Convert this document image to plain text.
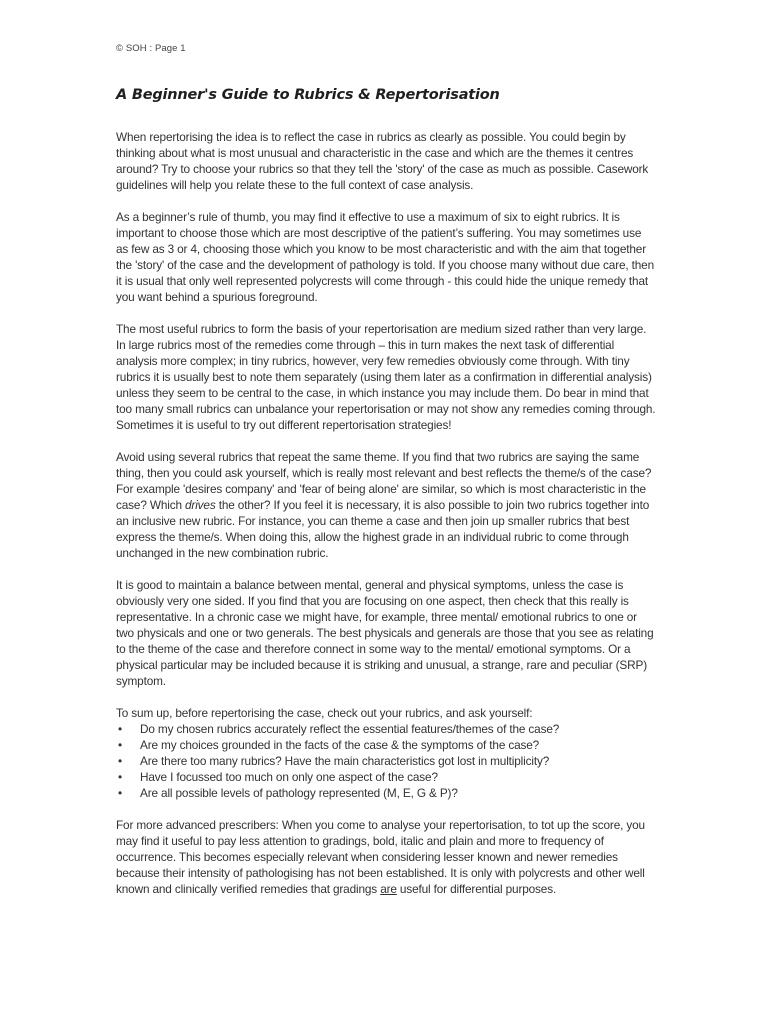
© SOH : Page 1
A Beginner's Guide to Rubrics & Repertorisation

When repertorising the idea is to reflect the case in rubrics as clearly as possible. You could begin by thinking about what is most unusual and characteristic in the case and which are the themes it centres around? Try to choose your rubrics so that they tell the 'story' of the case as much as possible. Casework guidelines will help you relate these to the full context of case analysis.

As a beginner’s rule of thumb, you may find it effective to use a maximum of six to eight rubrics. It is important to choose those which are most descriptive of the patient’s suffering. You may sometimes use as few as 3 or 4, choosing those which you know to be most characteristic and with the aim that together the 'story' of the case and the development of pathology is told. If you choose many without due care, then it is usual that only well represented polycrests will come through - this could hide the unique remedy that you want behind a spurious foreground.

The most useful rubrics to form the basis of your repertorisation are medium sized rather than very large. In large rubrics most of the remedies come through – this in turn makes the next task of differential analysis more complex; in tiny rubrics, however, very few remedies obviously come through. With tiny rubrics it is usually best to note them separately (using them later as a confirmation in differential analysis) unless they seem to be central to the case, in which instance you may include them. Do bear in mind that too many small rubrics can unbalance your repertorisation or may not show any remedies coming through. Sometimes it is useful to try out different repertorisation strategies!

Avoid using several rubrics that repeat the same theme. If you find that two rubrics are saying the same thing, then you could ask yourself, which is really most relevant and best reflects the theme/s of the case? For example 'desires company' and 'fear of being alone' are similar, so which is most characteristic in the case? Which drives the other? If you feel it is necessary, it is also possible to join two rubrics together into an inclusive new rubric. For instance, you can theme a case and then join up smaller rubrics that best express the theme/s. When doing this, allow the highest grade in an individual rubric to come through unchanged in the new combination rubric.

It is good to maintain a balance between mental, general and physical symptoms, unless the case is obviously very one sided. If you find that you are focusing on one aspect, then check that this really is representative. In a chronic case we might have, for example, three mental/ emotional rubrics to one or two physicals and one or two generals. The best physicals and generals are those that you see as relating to the theme of the case and therefore connect in some way to the mental/ emotional symptoms. Or a physical particular may be included because it is striking and unusual, a strange, rare and peculiar (SRP) symptom.

To sum up, before repertorising the case, check out your rubrics, and ask yourself:

• Do my chosen rubrics accurately reflect the essential features/themes of the case?
• Are my choices grounded in the facts of the case & the symptoms of the case?
• Are there too many rubrics? Have the main characteristics got lost in multiplicity?
• Have I focussed too much on only one aspect of the case?
• Are all possible levels of pathology represented (M, E, G & P)?

For more advanced prescribers: When you come to analyse your repertorisation, to tot up the score, you may find it useful to pay less attention to gradings, bold, italic and plain and more to frequency of occurrence. This becomes especially relevant when considering lesser known and newer remedies because their intensity of pathologising has not been established. It is only with polycrests and other well known and clinically verified remedies that gradings are useful for differential purposes.
